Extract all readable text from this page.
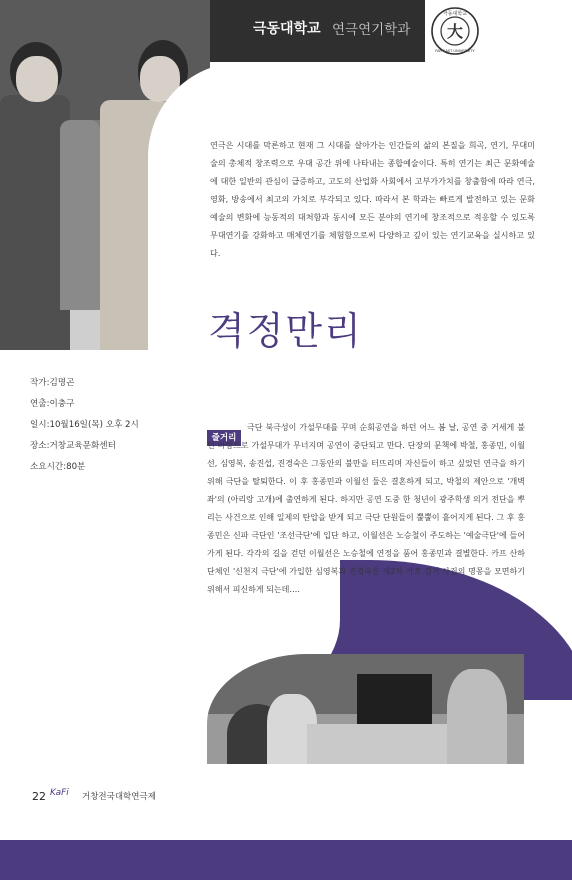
극동대학교 연극연기학과 大
극동대학교
FAR EAST UNIVERSITY
연극은 시대를 막론하고 현재 그 시대를 살아가는 인간들의 삶의 본질을 희곡, 연기, 무대미술의 총체적 창조력으로 우대 공간 위에 나타내는 종합예술이다. 특히 연기는 최근 문화예술에 대한 일반의 관심이 급증하고, 고도의 산업화 사회에서 고부가가치를 창출함에 따라 연극, 영화, 방송에서 최고의 가치로 부각되고 있다. 따라서 본 학과는 빠르게 발전하고 있는 문화예술의 변화에 능동적의 대처함과 동시에 모든 분야의 연기에 창조적으로 적응할 수 있도록 무대연기를 강화하고 매체연기를 체험함으로써 다양하고 깊이 있는 연기교육을 실시하고 있다.
격정만리
작가:김명곤
연출:이충구
일시:10월16일(목) 오후 2시
장소:거창교육문화센터
소요시간:80분
줄거리
극단 북극성이 가설무대를 꾸며 순회공연을 하던 어느 봄 날, 공연 중 거세게 불던 바람으로 가설무대가 무너지며 공연이 중단되고 만다. 단장의 문책에 박철, 홍종민, 이월선, 심영복, 송진섭, 진경숙은 그동안의 불만을 터뜨리며 자신들이 하고 싶었던 연극을 하기 위해 극단을 탈퇴한다. 이 후 홍종민과 이월선 둘은 결혼하게 되고, 박철의 제안으로 '개벽좌'의 (아리랑 고개)에 출연하게 된다. 하지만 공연 도중 한 청년이 광주학생 의거 전단을 뿌리는 사건으로 인해 일제의 탄압을 받게 되고 극단 단원들이 뿔뿔이 흩어지게 된다. 그 후 홍종민은 신파 극단인 '조선극단'에 입단 하고, 이월선은 노승철이 주도하는 '예술극단'에 들어가게 된다. 각각의 길을 걷던 이월선은 노승철에 연정을 품어 홍종민과 결별한다. 카프 산하단체인 '신천지 극단'에 가입한 심영복과 진경숙은 제2차 카프 검거 사건의 명몽을 모면하기 위해서 피신하게 되는데….
22 KaFi 거창전국대학연극제
